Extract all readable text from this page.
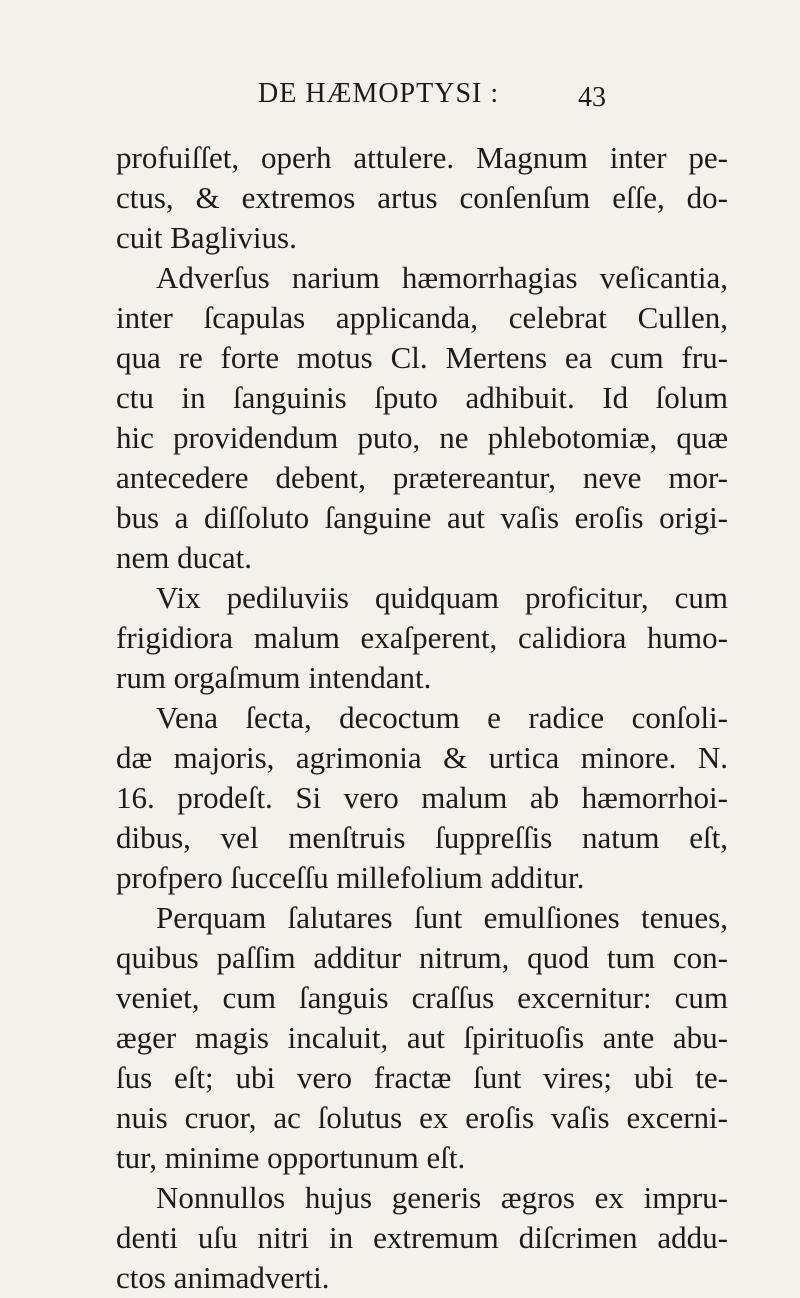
DE HÆMOPTYSI :	43
profuiſſet, operh attulere. Magnum inter pe-
ctus, & extremos artus conſenſum eſſe, do-
cuit Baglivius.
Adverſus narium hæmorrhagias veſicantia,
inter ſcapulas applicanda, celebrat Cullen,
qua re forte motus Cl. Mertens ea cum fru-
ctu in ſanguinis ſputo adhibuit. Id ſolum
hic providendum puto, ne phlebotomiæ, quæ
antecedere debent, prætereantur, neve mor-
bus a diſſoluto ſanguine aut vaſis eroſis origi-
nem ducat.
Vix pediluviis quidquam proficitur, cum
frigidiora malum exaſperent, calidiora humo-
rum orgaſmum intendant.
Vena ſecta, decoctum e radice conſoli-
dæ majoris, agrimonia & urtica minore. N.
16. prodeſt. Si vero malum ab hæmorrhoi-
dibus, vel menſtruis ſuppreſſis natum eſt,
profpero ſucceſſu millefolium additur.
Perquam ſalutares ſunt emulſiones tenues,
quibus paſſim additur nitrum, quod tum con-
veniet, cum ſanguis craſſus excernitur: cum
æger magis incaluit, aut ſpirituoſis ante abu-
ſus eſt; ubi vero fractæ ſunt vires; ubi te-
nuis cruor, ac ſolutus ex eroſis vaſis excerni-
tur, minime opportunum eſt.
Nonnullos hujus generis ægros ex impru-
denti uſu nitri in extremum diſcrimen addu-
ctos animadverti.
